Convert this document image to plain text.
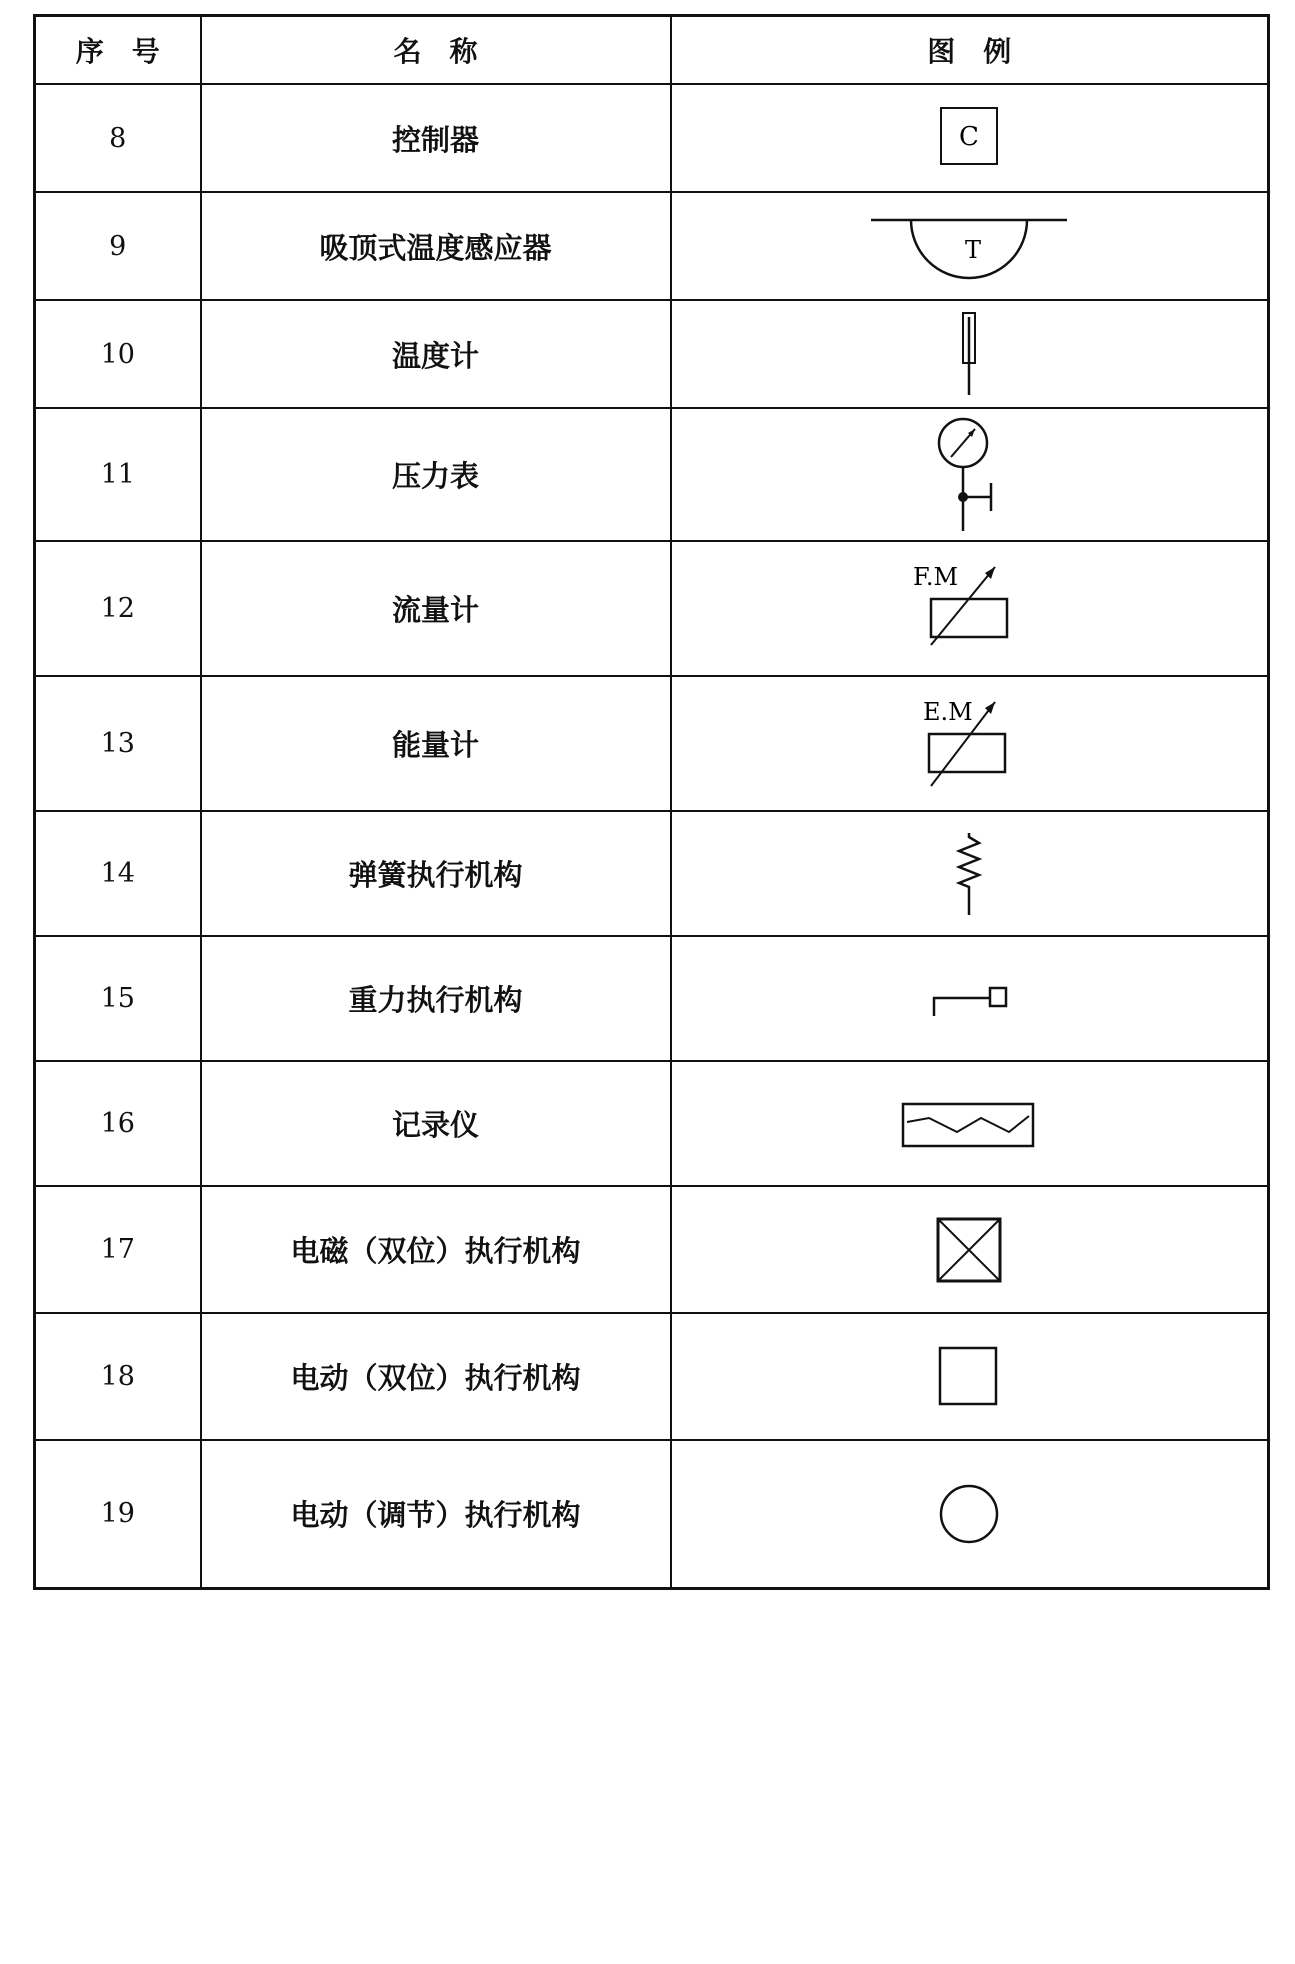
序　号	名　称	图　例
8	控制器	C

9	吸顶式温度感应器	T

10	温度计	

11	压力表	

12	流量计	F.M

13	能量计	E.M

14	弹簧执行机构	

15	重力执行机构	

16	记录仪	

17	电磁（双位）执行机构	

18	电动（双位）执行机构	

19	电动（调节）执行机构	
